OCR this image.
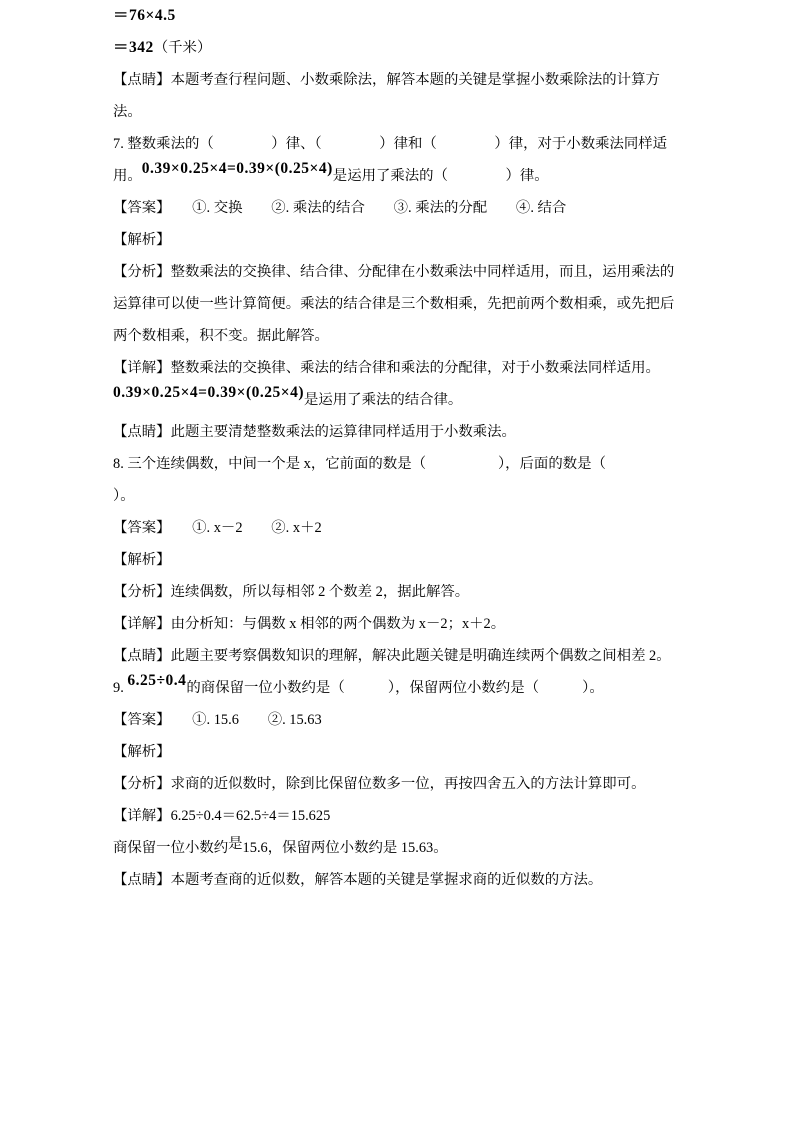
＝76×4.5

＝342（千米）

【点睛】本题考查行程问题、小数乘除法，解答本题的关键是掌握小数乘除法的计算方法。

7. 整数乘法的（　　　　）律、（　　　　）律和（　　　　）律，对于小数乘法同样适
用。0.39×0.25×4=0.39×(0.25×4)是运用了乘法的（　　　　）律。

【答案】　　①. 交换　　②. 乘法的结合　　③. 乘法的分配　　④. 结合

【解析】

【分析】整数乘法的交换律、结合律、分配律在小数乘法中同样适用，而且，运用乘法的
运算律可以使一些计算简便。乘法的结合律是三个数相乘，先把前两个数相乘，或先把后
两个数相乘，积不变。据此解答。

【详解】整数乘法的交换律、乘法的结合律和乘法的分配律，对于小数乘法同样适用。

0.39×0.25×4=0.39×(0.25×4)是运用了乘法的结合律。

【点睛】此题主要清楚整数乘法的运算律同样适用于小数乘法。

8. 三个连续偶数，中间一个是 x，它前面的数是（　　　　　），后面的数是（　　　　　）。

【答案】　　①. x－2　　②. x＋2

【解析】

【分析】连续偶数，所以每相邻 2 个数差 2，据此解答。

【详解】由分析知：与偶数 x 相邻的两个偶数为 x－2；x＋2。

【点睛】此题主要考察偶数知识的理解，解决此题关键是明确连续两个偶数之间相差 2。

9. 6.25÷0.4的商保留一位小数约是（　　　），保留两位小数约是（　　　）。

【答案】　　①. 15.6　　②. 15.63

【解析】

【分析】求商的近似数时，除到比保留位数多一位，再按四舍五入的方法计算即可。

【详解】6.25÷0.4＝62.5÷4＝15.625

商保留一位小数约是15.6，保留两位小数约是 15.63。

【点睛】本题考查商的近似数，解答本题的关键是掌握求商的近似数的方法。
